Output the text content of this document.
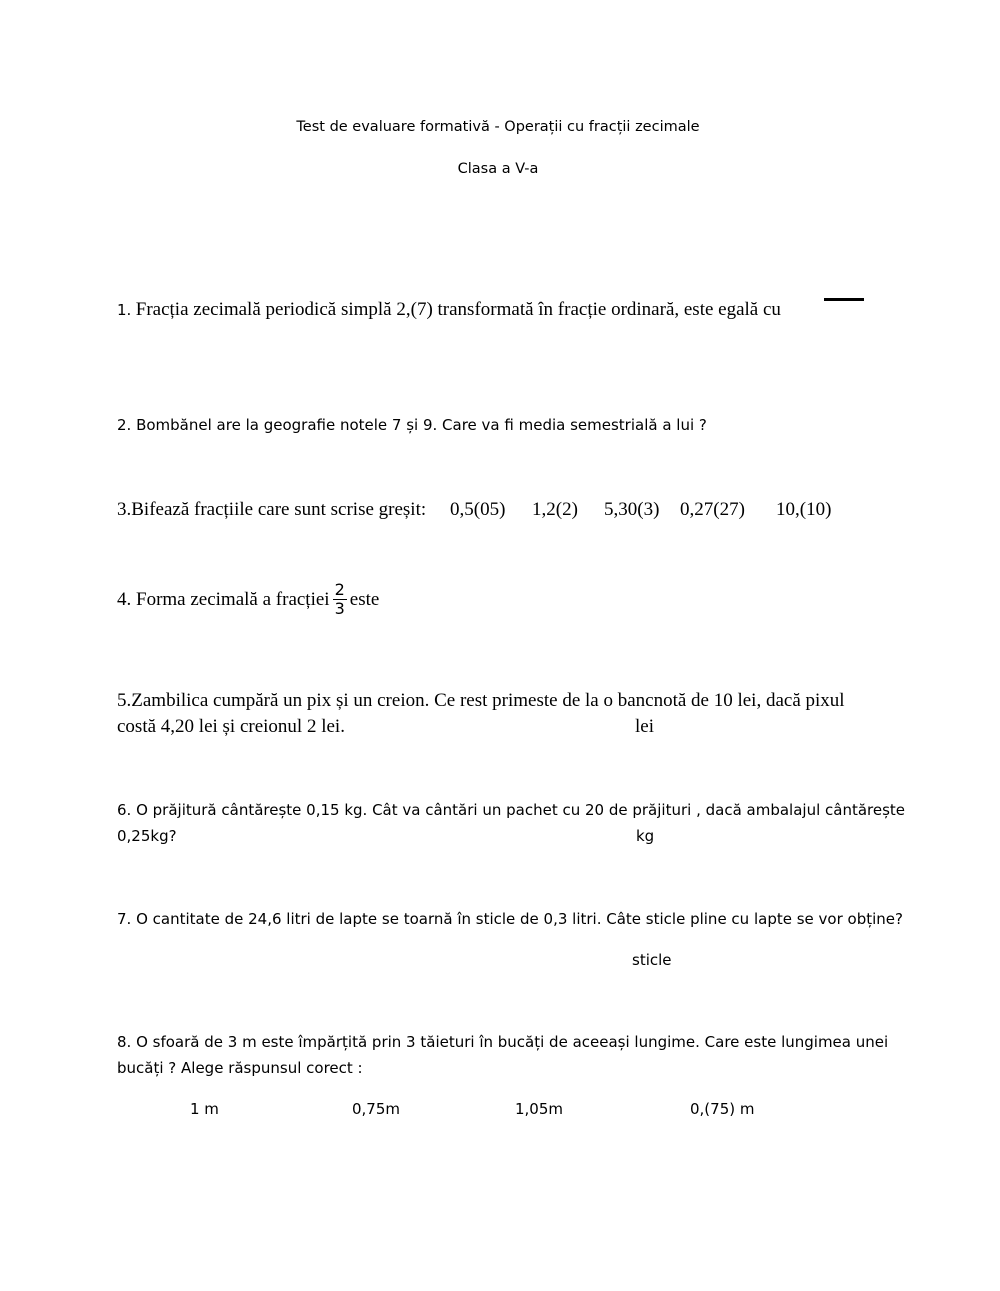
Test de evaluare formativă - Operații cu fracții zecimale
Clasa a V-a
1. Fracția zecimală periodică simplă 2,(7) transformată în fracție ordinară, este egală cu
2. Bombănel are la geografie notele 7 și 9. Care va fi media semestrială a lui ?
3.Bifează fracțiile care sunt scrise greșit: 0,5(05) 1,2(2) 5,30(3) 0,27(27) 10,(10)
4. Forma zecimală a fracției $\frac{2}{3}$ este
5.Zambilica cumpără un pix și un creion. Ce rest primeste de la o bancnotă de 10 lei, dacă pixul
costă 4,20 lei și creionul 2 lei.	lei
6. O prăjitură cântărește 0,15 kg. Cât va cântări un pachet cu 20 de prăjituri , dacă ambalajul cântărește
0,25kg?	kg
7. O cantitate de 24,6 litri de lapte se toarnă în sticle de 0,3 litri. Câte sticle pline cu lapte se vor obține?
sticle
8. O sfoară de 3 m este împărțită prin 3 tăieturi în bucăți de aceeași lungime. Care este lungimea unei
bucăți ? Alege răspunsul corect :
1 m	0,75m	1,05m	0,(75) m
